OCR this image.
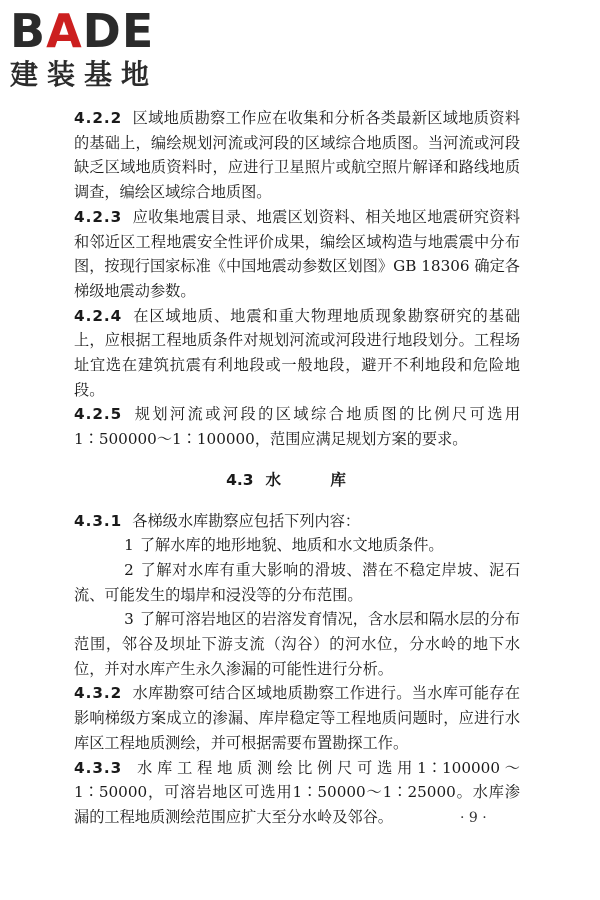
BADE
建装基地

4.2.2 区域地质勘察工作应在收集和分析各类最新区域地质资料的基础上，编绘规划河流或河段的区域综合地质图。当河流或河段缺乏区域地质资料时，应进行卫星照片或航空照片解译和路线地质调查，编绘区域综合地质图。

4.2.3 应收集地震目录、地震区划资料、相关地区地震研究资料和邻近区工程地震安全性评价成果，编绘区域构造与地震震中分布图，按现行国家标准《中国地震动参数区划图》GB 18306 确定各梯级地震动参数。

4.2.4 在区域地质、地震和重大物理地质现象勘察研究的基础上，应根据工程地质条件对规划河流或河段进行地段划分。工程场址宜选在建筑抗震有利地段或一般地段，避开不利地段和危险地段。

4.2.5 规划河流或河段的区域综合地质图的比例尺可选用1∶500000～1∶100000，范围应满足规划方案的要求。

4.3 水 库

4.3.1 各梯级水库勘察应包括下列内容：

1 了解水库的地形地貌、地质和水文地质条件。

2 了解对水库有重大影响的滑坡、潜在不稳定岸坡、泥石流、可能发生的塌岸和浸没等的分布范围。

3 了解可溶岩地区的岩溶发育情况，含水层和隔水层的分布范围，邻谷及坝址下游支流（沟谷）的河水位，分水岭的地下水位，并对水库产生永久渗漏的可能性进行分析。

4.3.2 水库勘察可结合区域地质勘察工作进行。当水库可能存在影响梯级方案成立的渗漏、库岸稳定等工程地质问题时，应进行水库区工程地质测绘，并可根据需要布置勘探工作。

4.3.3 水库工程地质测绘比例尺可选用1∶100000～1∶50000，可溶岩地区可选用1∶50000～1∶25000。水库渗漏的工程地质测绘范围应扩大至分水岭及邻谷。	· 9 ·
